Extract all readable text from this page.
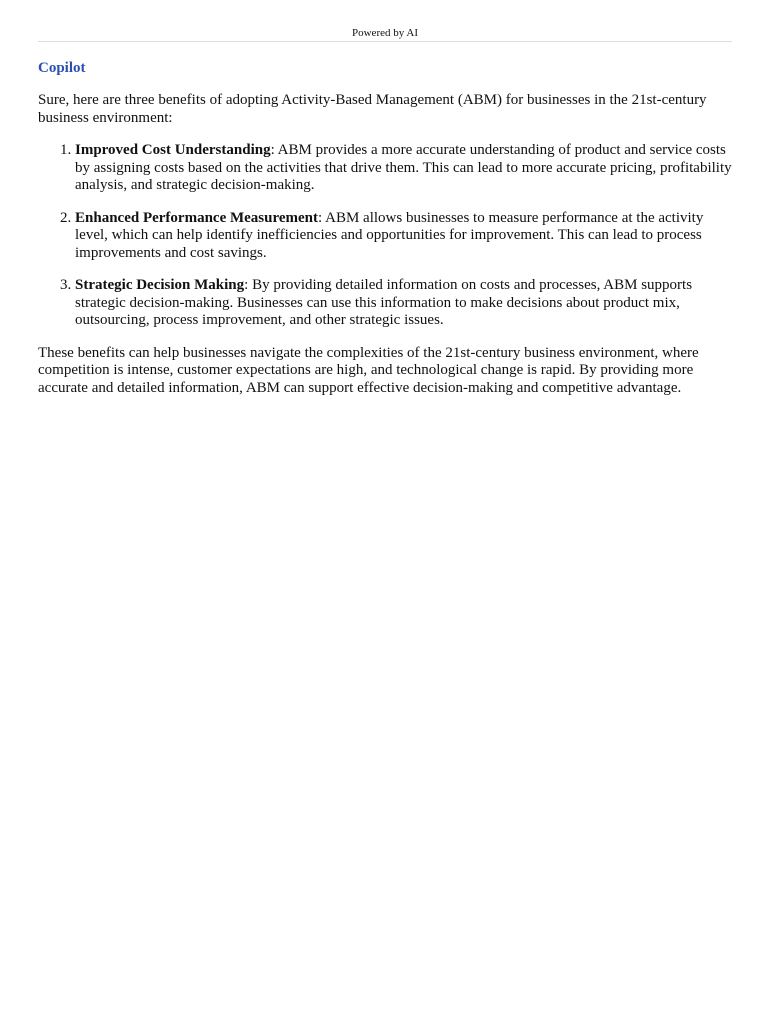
Powered by AI
Copilot
Sure, here are three benefits of adopting Activity-Based Management (ABM) for businesses in the 21st-century business environment:
1. Improved Cost Understanding: ABM provides a more accurate understanding of product and service costs by assigning costs based on the activities that drive them. This can lead to more accurate pricing, profitability analysis, and strategic decision-making.
2. Enhanced Performance Measurement: ABM allows businesses to measure performance at the activity level, which can help identify inefficiencies and opportunities for improvement. This can lead to process improvements and cost savings.
3. Strategic Decision Making: By providing detailed information on costs and processes, ABM supports strategic decision-making. Businesses can use this information to make decisions about product mix, outsourcing, process improvement, and other strategic issues.
These benefits can help businesses navigate the complexities of the 21st-century business environment, where competition is intense, customer expectations are high, and technological change is rapid. By providing more accurate and detailed information, ABM can support effective decision-making and competitive advantage.
